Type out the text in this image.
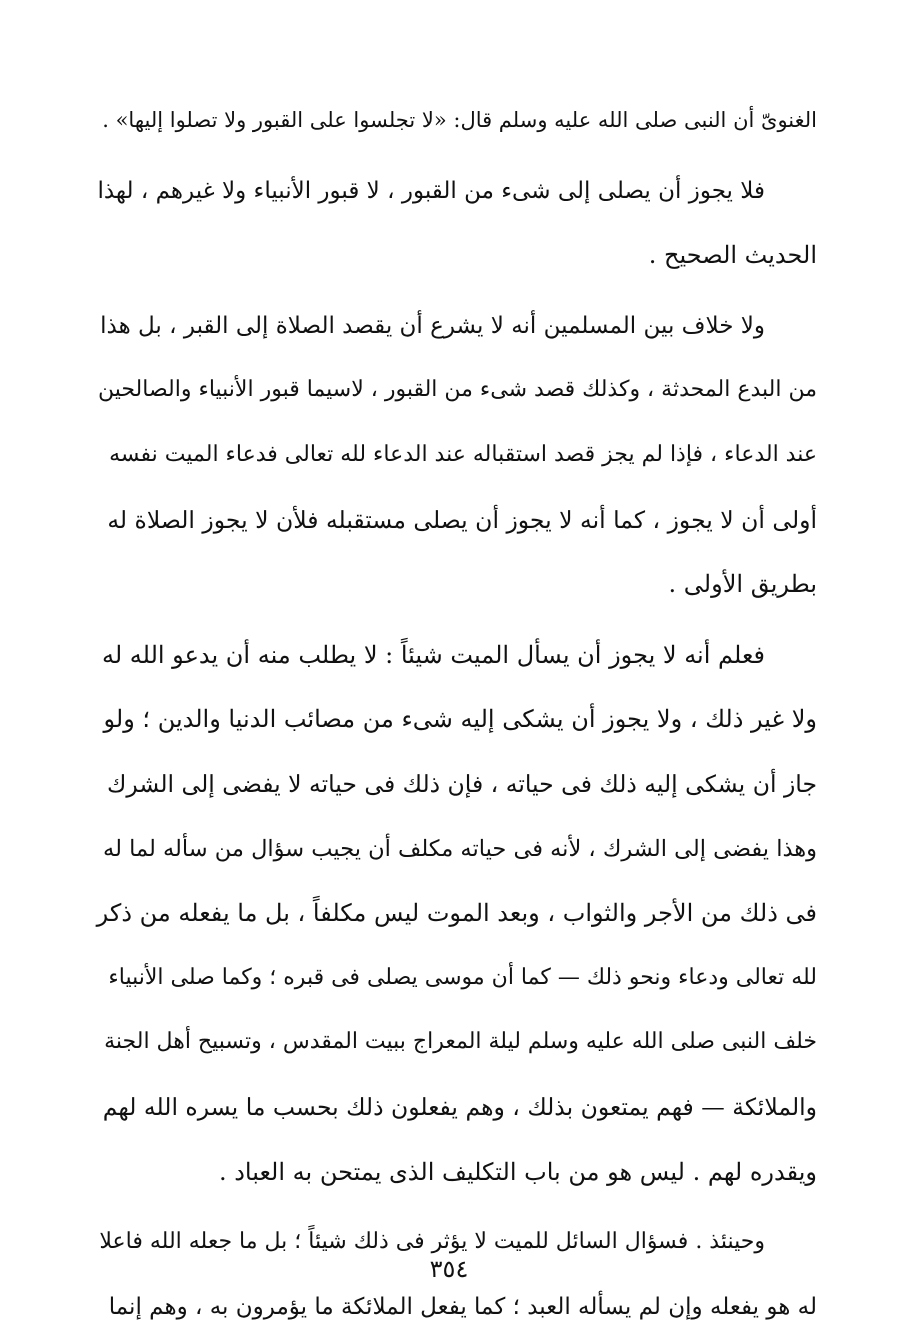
الغنوىّ أن النبى صلى الله عليه وسلم قال: «لا تجلسوا على القبور ولا تصلوا إليها» .
فلا يجوز أن يصلى إلى شىء من القبور ، لا قبور الأنبياء ولا غيرهم ، لهذا
الحديث الصحيح .
ولا خلاف بين المسلمين أنه لا يشرع أن يقصد الصلاة إلى القبر ، بل هذا
من البدع المحدثة ، وكذلك قصد شىء من القبور ، لاسيما قبور الأنبياء والصالحين
عند الدعاء ، فإذا لم يجز قصد استقباله عند الدعاء لله تعالى فدعاء الميت نفسه
أولى أن لا يجوز ، كما أنه لا يجوز أن يصلى مستقبله فلأن لا يجوز الصلاة له
بطريق الأولى .
فعلم أنه لا يجوز أن يسأل الميت شيئاً : لا يطلب منه أن يدعو الله له
ولا غير ذلك ، ولا يجوز أن يشكى إليه شىء من مصائب الدنيا والدين ؛ ولو
جاز أن يشكى إليه ذلك فى حياته ، فإن ذلك فى حياته لا يفضى إلى الشرك
وهذا يفضى إلى الشرك ، لأنه فى حياته مكلف أن يجيب سؤال من سأله لما له
فى ذلك من الأجر والثواب ، وبعد الموت ليس مكلفاً ، بل ما يفعله من ذكر
لله تعالى ودعاء ونحو ذلك — كما أن موسى يصلى فى قبره ؛ وكما صلى الأنبياء
خلف النبى صلى الله عليه وسلم ليلة المعراج ببيت المقدس ، وتسبيح أهل الجنة
والملائكة — فهم يمتعون بذلك ، وهم يفعلون ذلك بحسب ما يسره الله لهم
ويقدره لهم . ليس هو من باب التكليف الذى يمتحن به العباد .
وحينئذ . فسؤال السائل للميت لا يؤثر فى ذلك شيئاً ؛ بل ما جعله الله فاعلا
له هو يفعله وإن لم يسأله العبد ؛ كما يفعل الملائكة ما يؤمرون به ، وهم إنما
٣٥٤
